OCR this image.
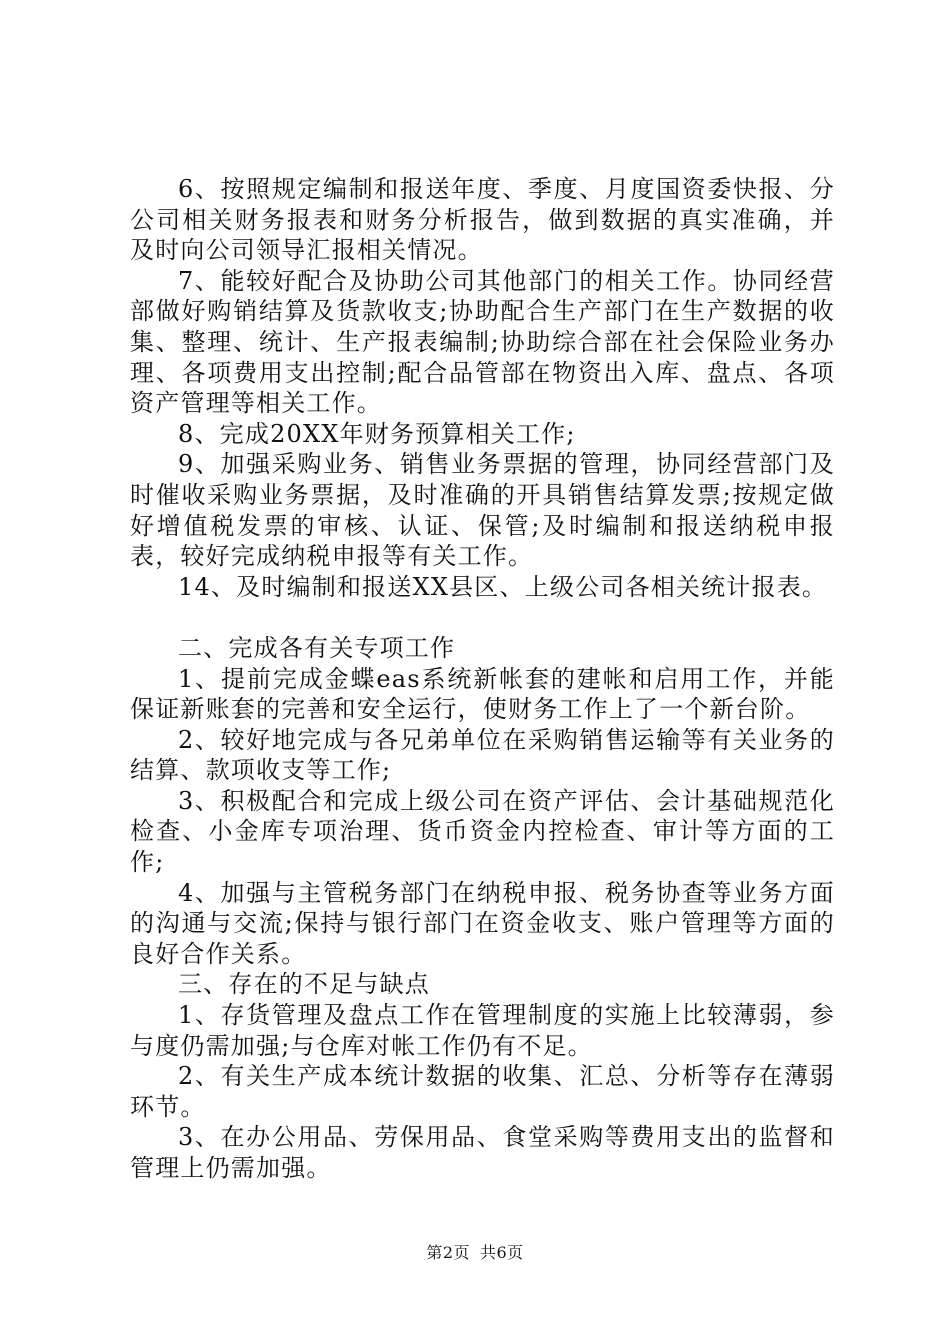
6、按照规定编制和报送年度、季度、月度国资委快报、分公司相关财务报表和财务分析报告，做到数据的真实准确，并及时向公司领导汇报相关情况。

7、能较好配合及协助公司其他部门的相关工作。协同经营部做好购销结算及货款收支;协助配合生产部门在生产数据的收集、整理、统计、生产报表编制;协助综合部在社会保险业务办理、各项费用支出控制;配合品管部在物资出入库、盘点、各项资产管理等相关工作。

8、完成20XX年财务预算相关工作;

9、加强采购业务、销售业务票据的管理，协同经营部门及时催收采购业务票据，及时准确的开具销售结算发票;按规定做好增值税发票的审核、认证、保管;及时编制和报送纳税申报表，较好完成纳税申报等有关工作。

14、及时编制和报送XX县区、上级公司各相关统计报表。

二、完成各有关专项工作

1、提前完成金蝶eas系统新帐套的建帐和启用工作，并能保证新账套的完善和安全运行，使财务工作上了一个新台阶。

2、较好地完成与各兄弟单位在采购销售运输等有关业务的结算、款项收支等工作;

3、积极配合和完成上级公司在资产评估、会计基础规范化检查、小金库专项治理、货币资金内控检查、审计等方面的工作;

4、加强与主管税务部门在纳税申报、税务协查等业务方面的沟通与交流;保持与银行部门在资金收支、账户管理等方面的良好合作关系。

三、存在的不足与缺点

1、存货管理及盘点工作在管理制度的实施上比较薄弱，参与度仍需加强;与仓库对帐工作仍有不足。

2、有关生产成本统计数据的收集、汇总、分析等存在薄弱环节。

3、在办公用品、劳保用品、食堂采购等费用支出的监督和管理上仍需加强。

第2页 共6页
